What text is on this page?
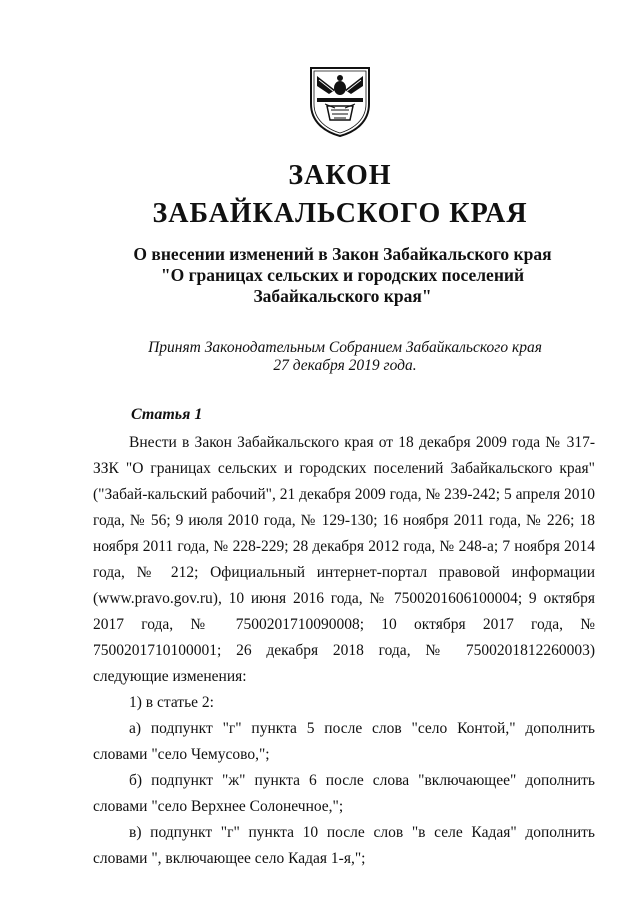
ЗАКОН
ЗАБАЙКАЛЬСКОГО КРАЯ
О внесении изменений в Закон Забайкальского края
"О границах сельских и городских поселений
Забайкальского края"
Принят Законодательным Собранием Забайкальского края
27 декабря 2019 года.
Статья 1

Внести в Закон Забайкальского края от 18 декабря 2009 года № 317-ЗЗК "О границах сельских и городских поселений Забайкальского края" ("Забай-кальский рабочий", 21 декабря 2009 года, № 239-242; 5 апреля 2010 года, № 56; 9 июля 2010 года, № 129-130; 16 ноября 2011 года, № 226; 18 ноября 2011 года, № 228-229; 28 декабря 2012 года, № 248-а; 7 ноября 2014 года, № 212; Официальный интернет-портал правовой информации (www.pravo.gov.ru), 10 июня 2016 года, № 7500201606100004; 9 октября 2017 года, № 7500201710090008; 10 октября 2017 года, № 7500201710100001; 26 декабря 2018 года, № 7500201812260003) следующие изменения:

1) в статье 2:

а) подпункт "г" пункта 5 после слов "село Контой," дополнить словами "село Чемусово,";

б) подпункт "ж" пункта 6 после слова "включающее" дополнить словами "село Верхнее Солонечное,";

в) подпункт "г" пункта 10 после слов "в селе Кадая" дополнить словами ", включающее село Кадая 1-я,";
